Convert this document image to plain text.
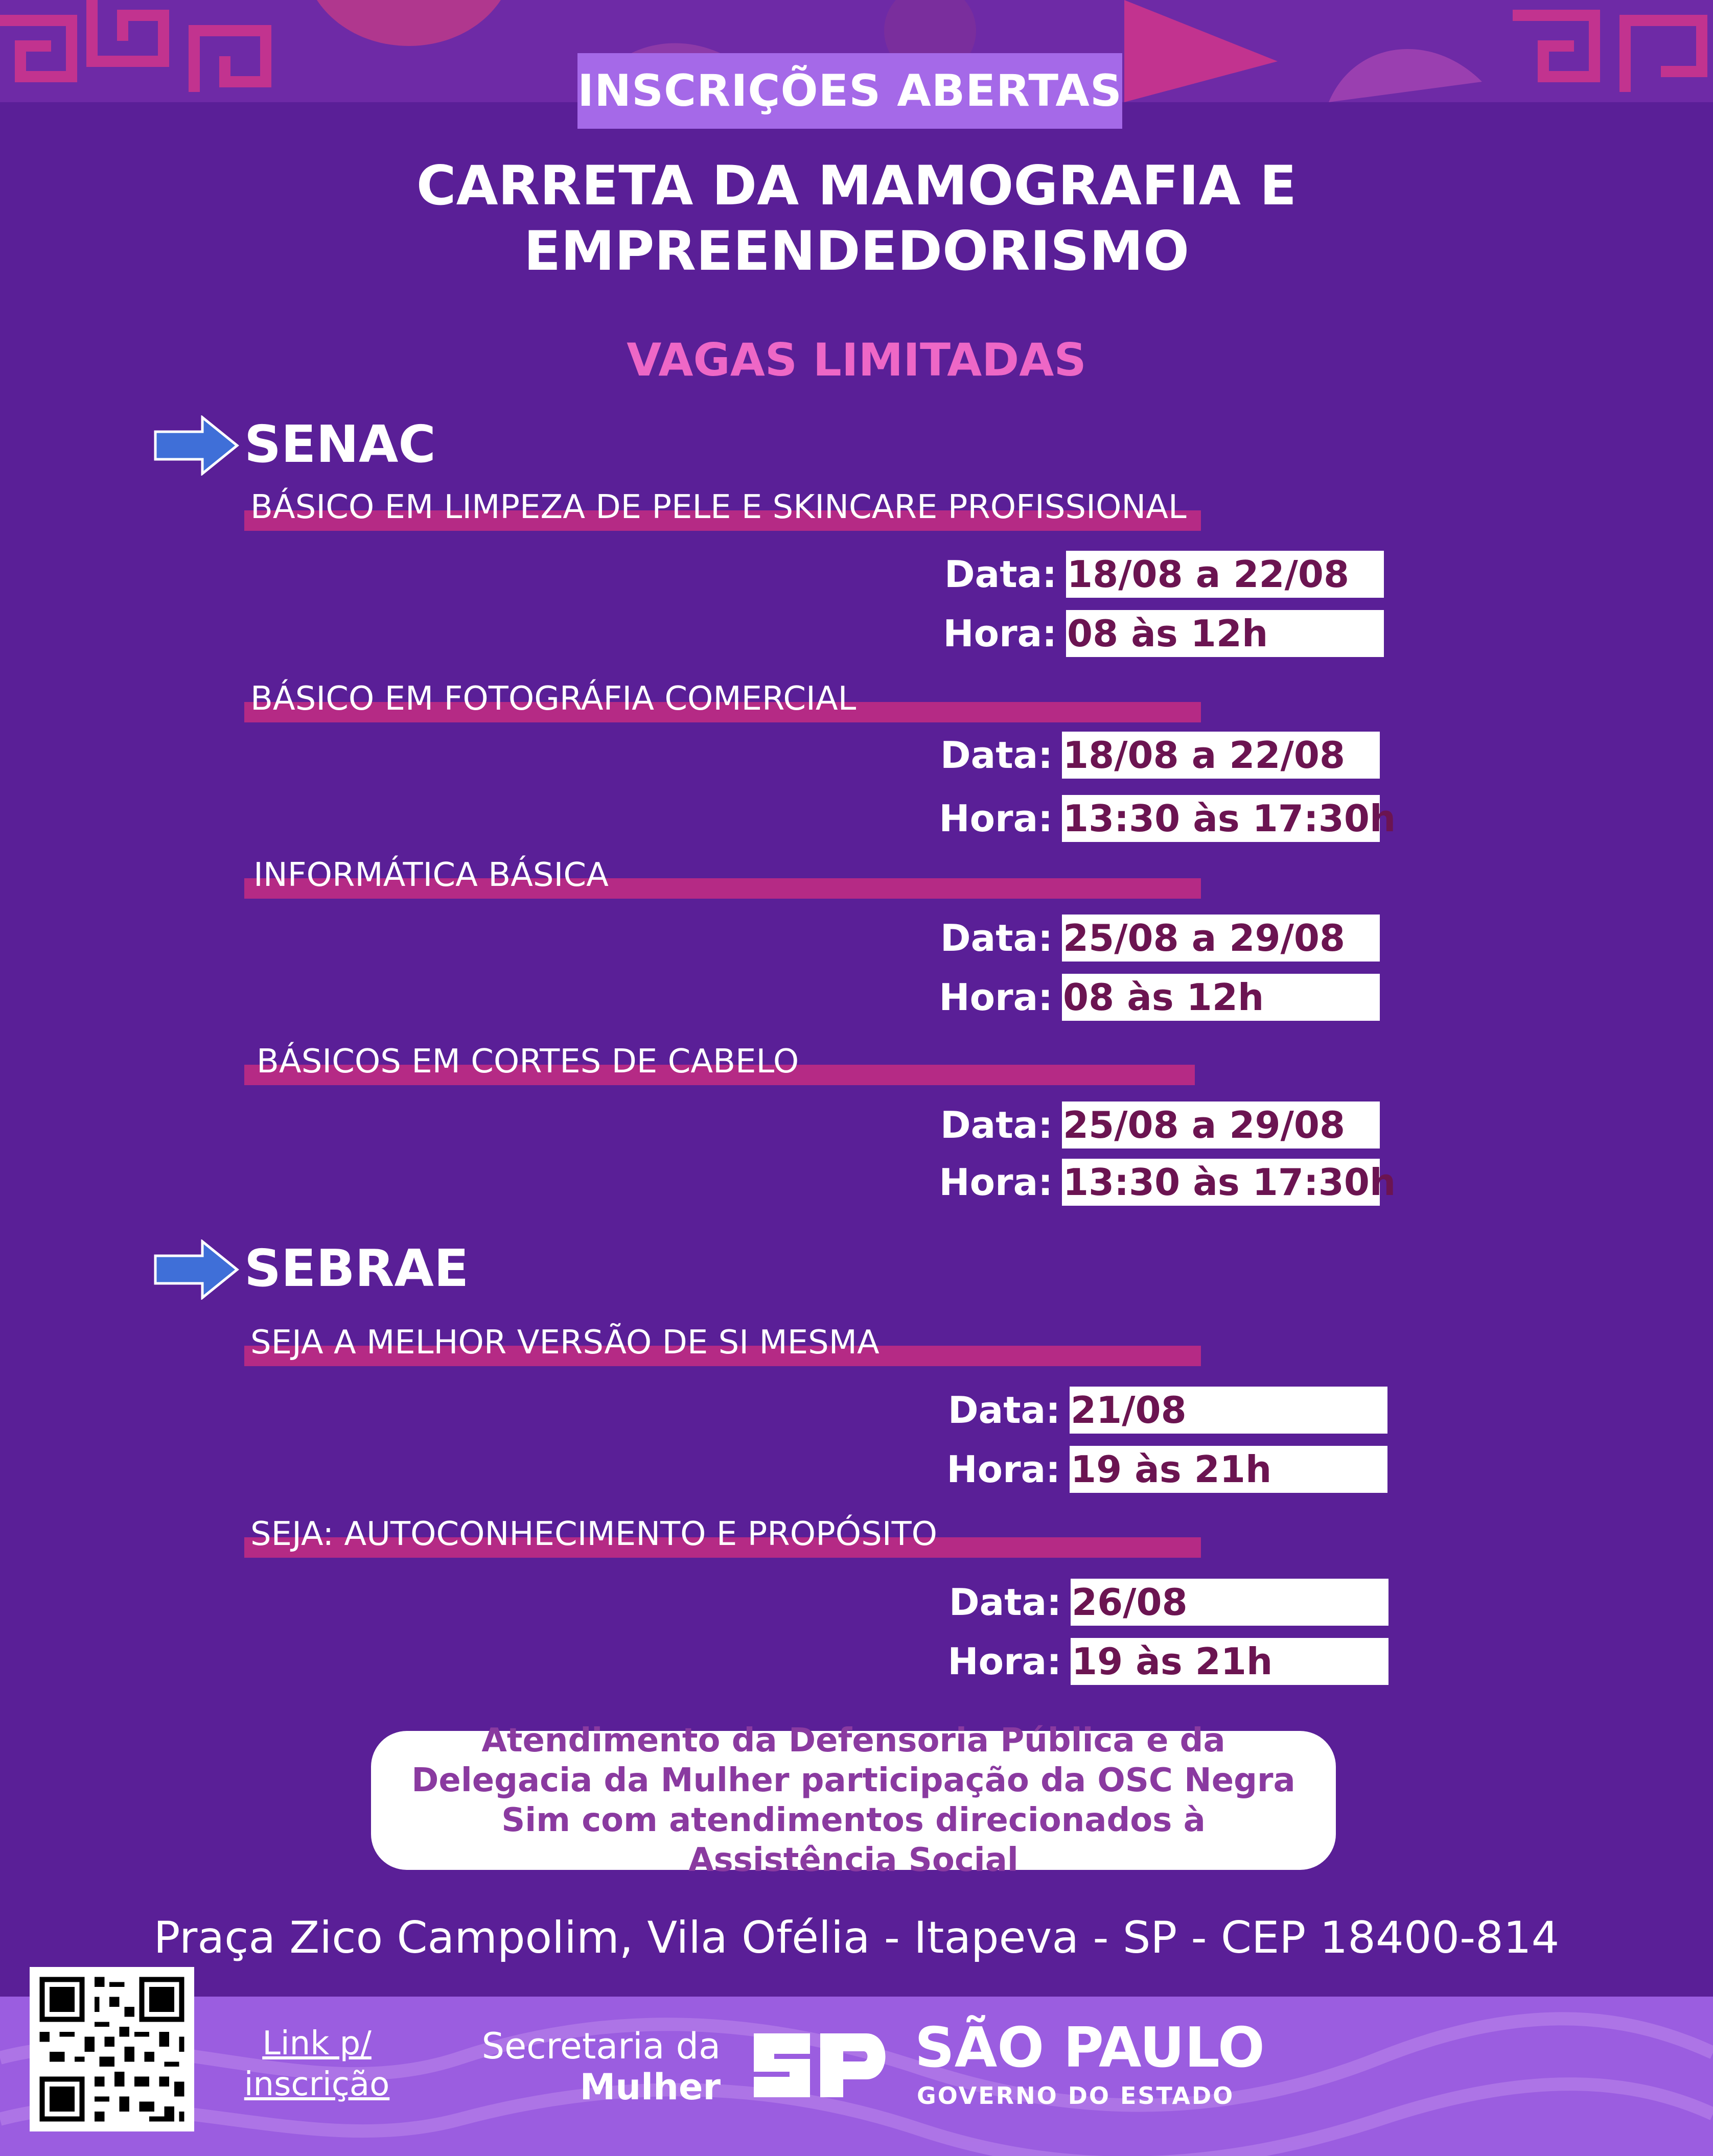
INSCRIÇÕES ABERTAS
CARRETA DA MAMOGRAFIA E
EMPREENDEDORISMO
VAGAS LIMITADAS
SENAC
BÁSICO EM LIMPEZA DE PELE E SKINCARE PROFISSIONAL
Data: 18/08 a 22/08
Hora: 08 às 12h
BÁSICO EM FOTOGRÁFIA COMERCIAL
Data: 18/08 a 22/08
Hora: 13:30 às 17:30h
INFORMÁTICA BÁSICA
Data: 25/08 a 29/08
Hora: 08 às 12h
BÁSICOS EM CORTES DE CABELO
Data: 25/08 a 29/08
Hora: 13:30 às 17:30h
SEBRAE
SEJA A MELHOR VERSÃO DE SI MESMA
Data: 21/08
Hora: 19 às 21h
SEJA: AUTOCONHECIMENTO E PROPÓSITO
Data: 26/08
Hora: 19 às 21h
Atendimento da Defensoria Pública e da Delegacia da Mulher participação da OSC Negra Sim com atendimentos direcionados à Assistência Social
Praça Zico Campolim, Vila Ofélia - Itapeva - SP - CEP 18400-814
Link p/
inscrição
Secretaria da
Mulher
SÃO PAULO
GOVERNO DO ESTADO
